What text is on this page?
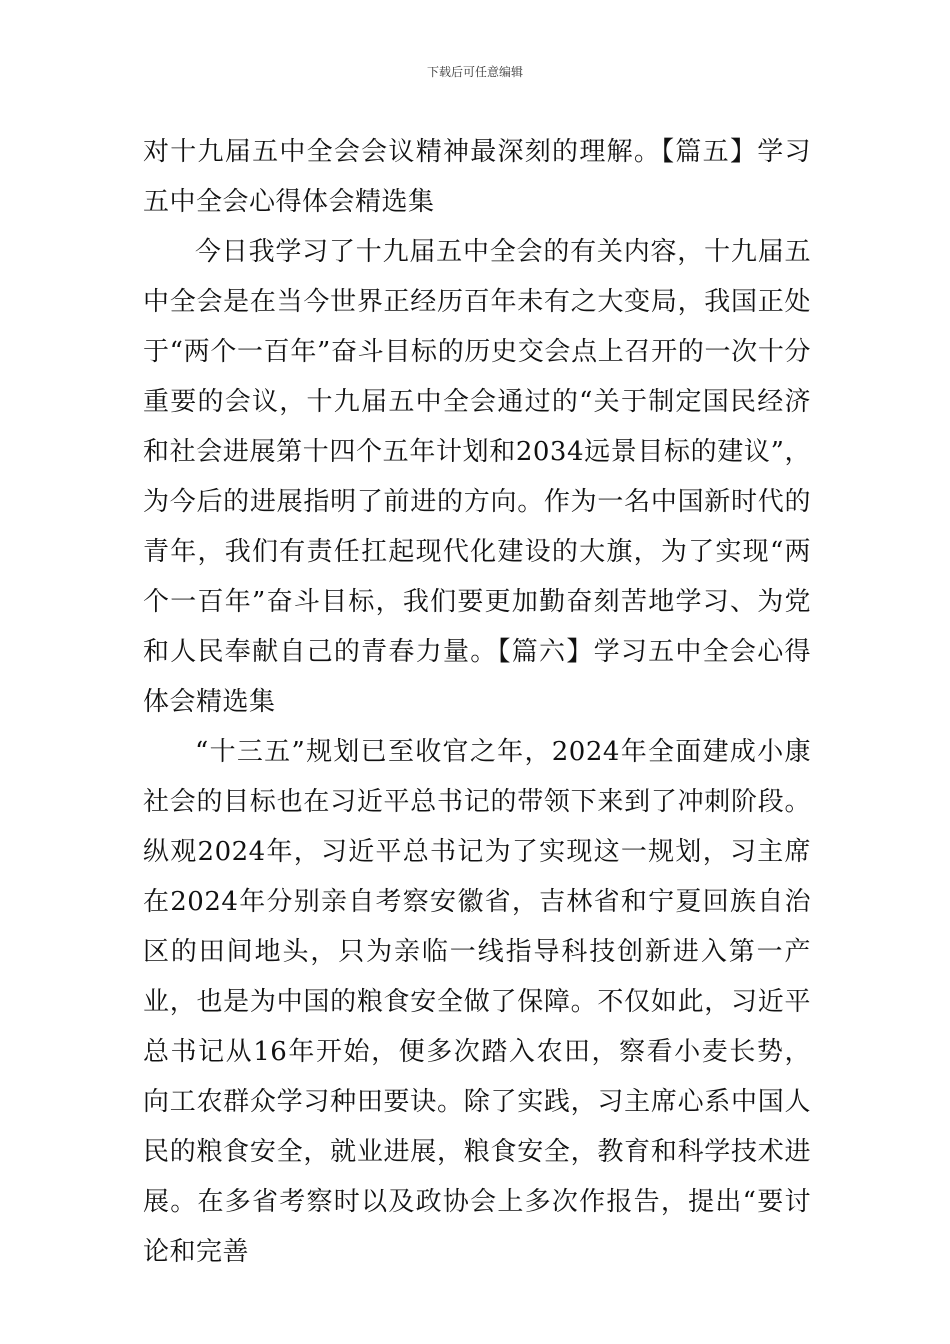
下载后可任意编辑

对十九届五中全会会议精神最深刻的理解。【篇五】学习五中全会心得体会精选集

今日我学习了十九届五中全会的有关内容，十九届五中全会是在当今世界正经历百年未有之大变局，我国正处于“两个一百年”奋斗目标的历史交会点上召开的一次十分重要的会议，十九届五中全会通过的“关于制定国民经济和社会进展第十四个五年计划和2034远景目标的建议”，为今后的进展指明了前进的方向。作为一名中国新时代的青年，我们有责任扛起现代化建设的大旗，为了实现“两个一百年”奋斗目标，我们要更加勤奋刻苦地学习、为党和人民奉献自己的青春力量。【篇六】学习五中全会心得体会精选集

“十三五”规划已至收官之年，2024年全面建成小康社会的目标也在习近平总书记的带领下来到了冲刺阶段。纵观2024年，习近平总书记为了实现这一规划，习主席在2024年分别亲自考察安徽省，吉林省和宁夏回族自治区的田间地头，只为亲临一线指导科技创新进入第一产业，也是为中国的粮食安全做了保障。不仅如此，习近平总书记从16年开始，便多次踏入农田，察看小麦长势，向工农群众学习种田要诀。除了实践，习主席心系中国人民的粮食安全，就业进展，粮食安全，教育和科学技术进展。在多省考察时以及政协会上多次作报告，提出“要讨论和完善
